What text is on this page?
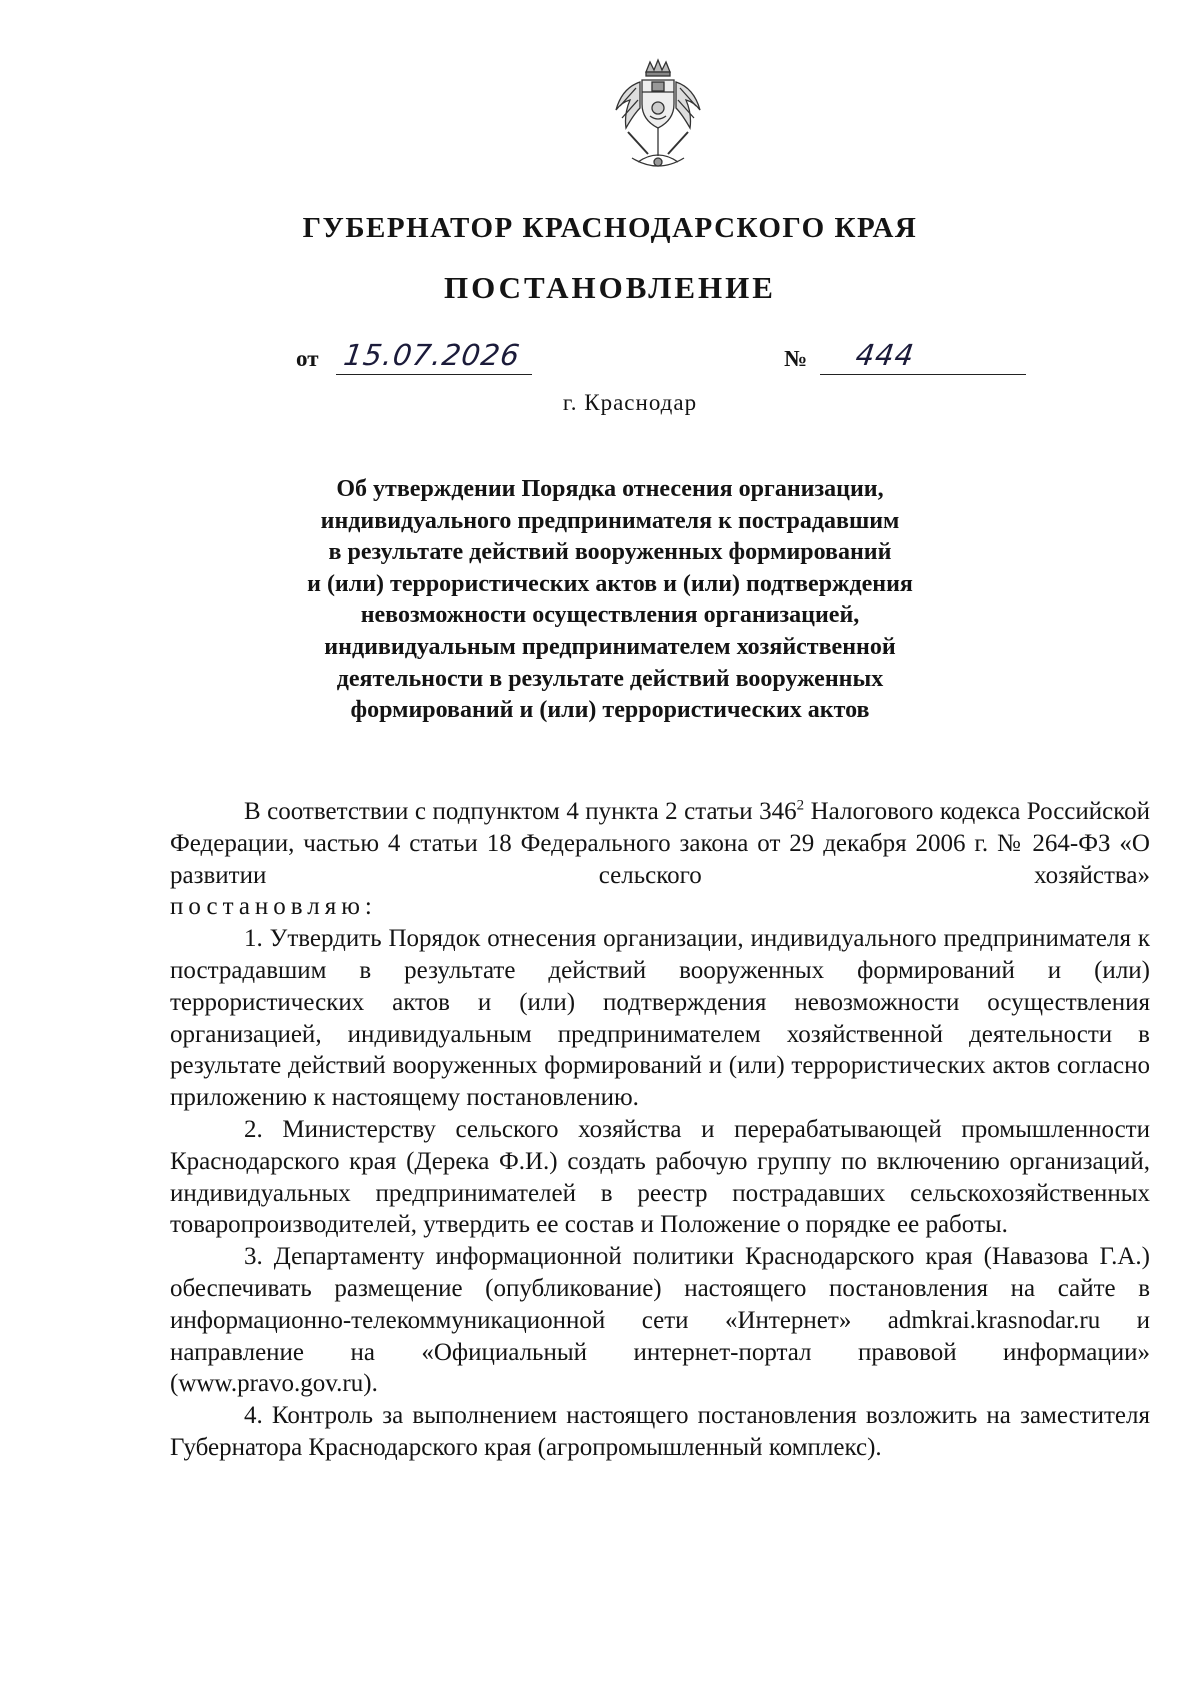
ГУБЕРНАТОР КРАСНОДАРСКОГО КРАЯ
ПОСТАНОВЛЕНИЕ
от 15.07.2026	№ 444
г. Краснодар
Об утверждении Порядка отнесения организации,
индивидуального предпринимателя к пострадавшим
в результате действий вооруженных формирований
и (или) террористических актов и (или) подтверждения
невозможности осуществления организацией,
индивидуальным предпринимателем хозяйственной
деятельности в результате действий вооруженных
формирований и (или) террористических актов

В соответствии с подпунктом 4 пункта 2 статьи $346^2$ Налогового кодекса Российской Федерации, частью 4 статьи 18 Федерального закона от 29 декабря 2006 г. № 264-ФЗ «О развитии сельского хозяйства»

постановляю:

1. Утвердить Порядок отнесения организации, индивидуального предпринимателя к пострадавшим в результате действий вооруженных формирований и (или) террористических актов и (или) подтверждения невозможности осуществления организацией, индивидуальным предпринимателем хозяйственной деятельности в результате действий вооруженных формирований и (или) террористических актов согласно приложению к настоящему постановлению.

2. Министерству сельского хозяйства и перерабатывающей промышленности Краснодарского края (Дерека Ф.И.) создать рабочую группу по включению организаций, индивидуальных предпринимателей в реестр пострадавших сельскохозяйственных товаропроизводителей, утвердить ее состав и Положение о порядке ее работы.

3. Департаменту информационной политики Краснодарского края (Навазова Г.А.) обеспечивать размещение (опубликование) настоящего постановления на сайте в информационно-телекоммуникационной сети «Интернет» admkrai.krasnodar.ru и направление на «Официальный интернет-портал правовой информации» (www.pravo.gov.ru).

4. Контроль за выполнением настоящего постановления возложить на заместителя Губернатора Краснодарского края (агропромышленный комплекс).
